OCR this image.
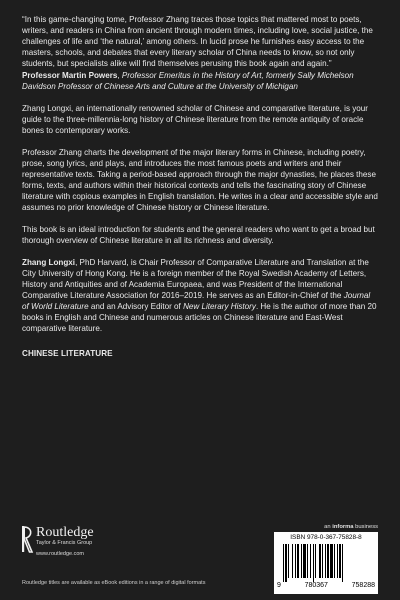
“In this game-changing tome, Professor Zhang traces those topics that mattered most to poets, writers, and readers in China from ancient through modern times, including love, social justice, the challenges of life and ‘the natural,’ among others. In lucid prose he furnishes easy access to the masters, schools, and debates that every literary scholar of China needs to know, so not only students, but specialists alike will find themselves perusing this book again and again.”

Professor Martin Powers, Professor Emeritus in the History of Art, formerly Sally Michelson Davidson Professor of Chinese Arts and Culture at the University of Michigan

Zhang Longxi, an internationally renowned scholar of Chinese and comparative literature, is your guide to the three-millennia-long history of Chinese literature from the remote antiquity of oracle bones to contemporary works.

Professor Zhang charts the development of the major literary forms in Chinese, including poetry, prose, song lyrics, and plays, and introduces the most famous poets and writers and their representative texts. Taking a period-based approach through the major dynasties, he places these forms, texts, and authors within their historical contexts and tells the fascinating story of Chinese literature with copious examples in English translation. He writes in a clear and accessible style and assumes no prior knowledge of Chinese history or Chinese literature.

This book is an ideal introduction for students and the general readers who want to get a broad but thorough overview of Chinese literature in all its richness and diversity.

Zhang Longxi, PhD Harvard, is Chair Professor of Comparative Literature and Translation at the City University of Hong Kong. He is a foreign member of the Royal Swedish Academy of Letters, History and Antiquities and of Academia Europaea, and was President of the International Comparative Literature Association for 2016–2019. He serves as an Editor-in-Chief of the Journal of World Literature and an Advisory Editor of New Literary History. He is the author of more than 20 books in English and Chinese and numerous articles on Chinese literature and East-West comparative literature.

CHINESE LITERATURE

Routledge
Taylor & Francis Group
www.routledge.com
Routledge titles are available as eBook editions in a range of digital formats
an informa business
ISBN 978-0-367-75828-8
9	780367	758288
